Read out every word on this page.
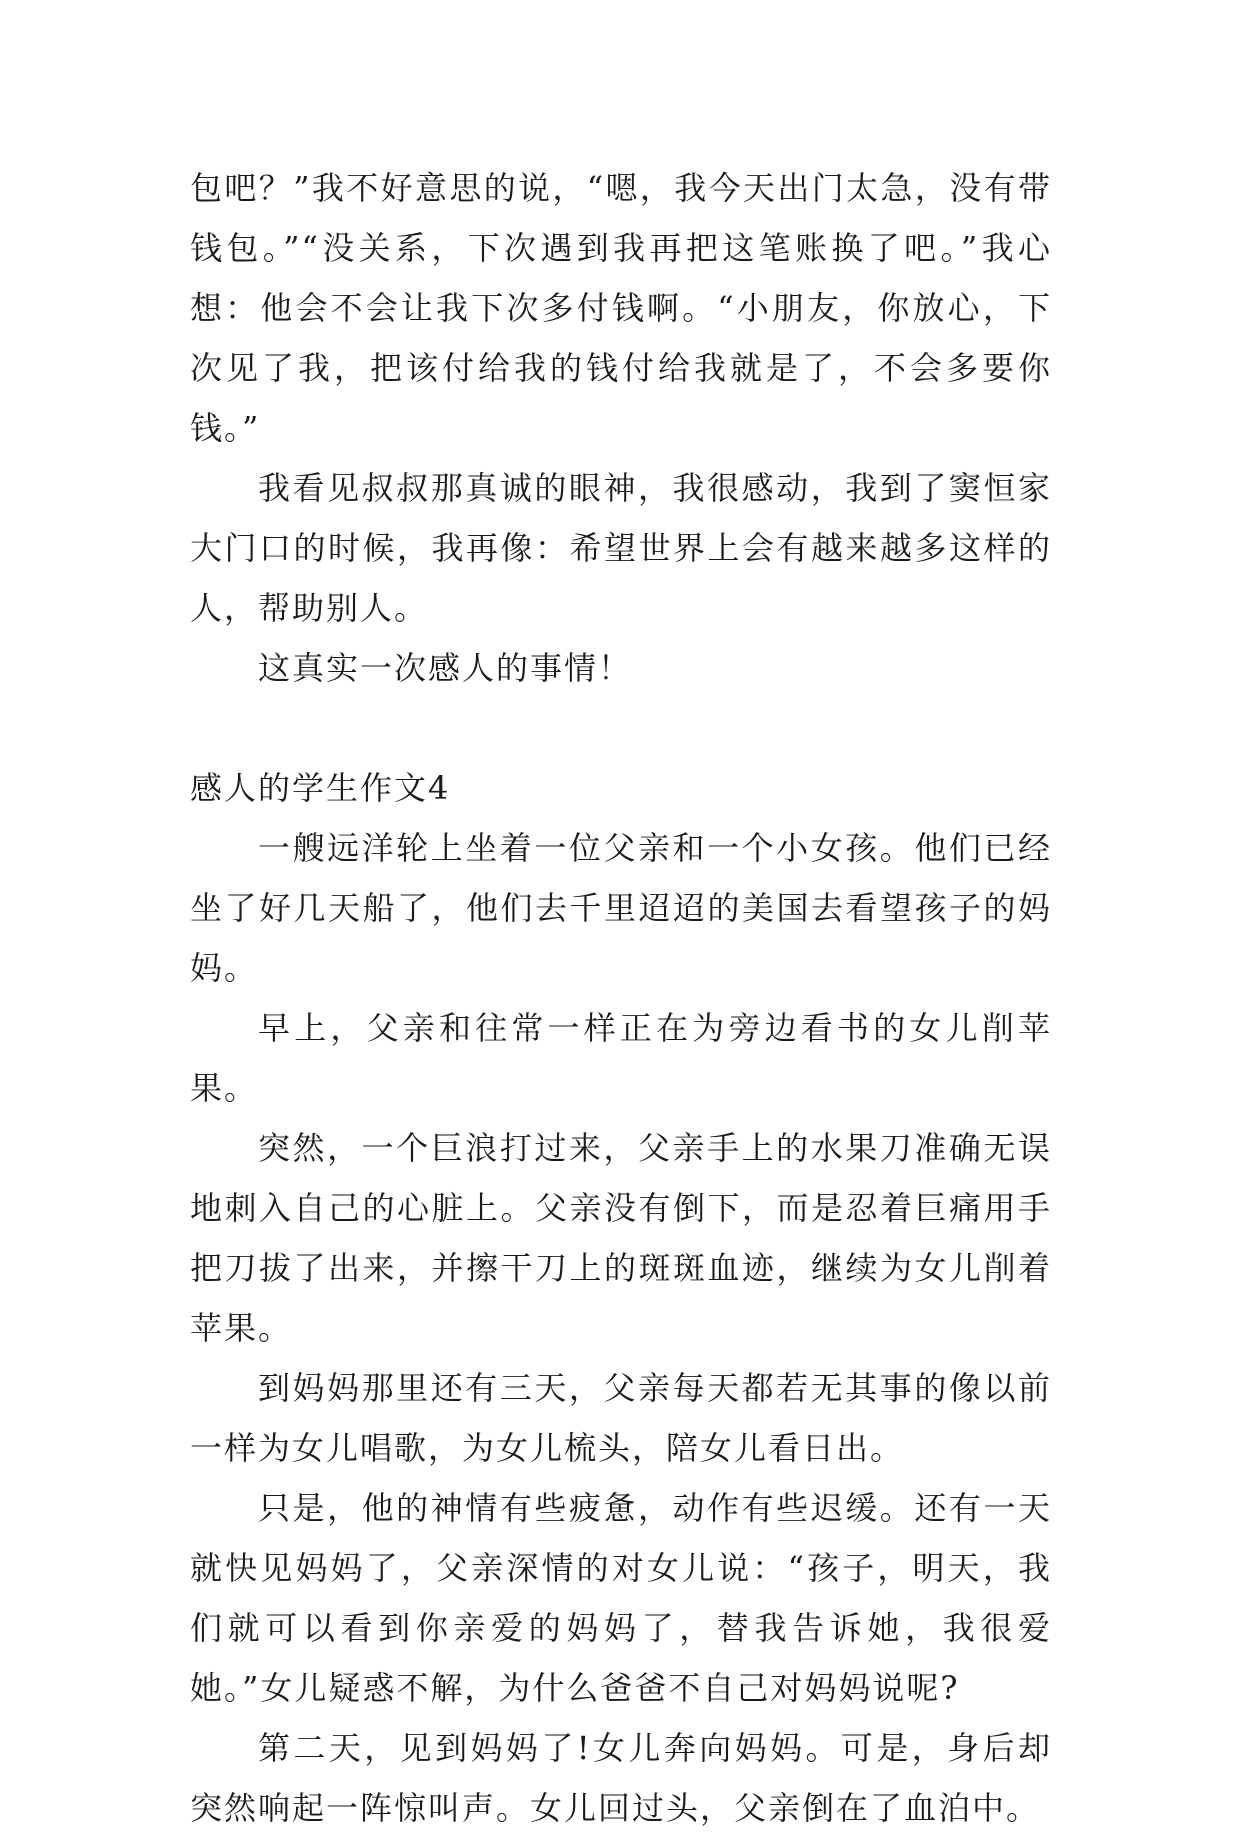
包吧？”我不好意思的说，“嗯，我今天出门太急，没有带钱包。”“没关系，下次遇到我再把这笔账换了吧。”我心想：他会不会让我下次多付钱啊。“小朋友，你放心，下次见了我，把该付给我的钱付给我就是了，不会多要你钱。”

我看见叔叔那真诚的眼神，我很感动，我到了窦恒家大门口的时候，我再像：希望世界上会有越来越多这样的人，帮助别人。

这真实一次感人的事情！

感人的学生作文4

一艘远洋轮上坐着一位父亲和一个小女孩。他们已经坐了好几天船了，他们去千里迢迢的美国去看望孩子的妈妈。

早上，父亲和往常一样正在为旁边看书的女儿削苹果。

突然，一个巨浪打过来，父亲手上的水果刀准确无误地刺入自己的心脏上。父亲没有倒下，而是忍着巨痛用手把刀拔了出来，并擦干刀上的斑斑血迹，继续为女儿削着苹果。

到妈妈那里还有三天，父亲每天都若无其事的像以前一样为女儿唱歌，为女儿梳头，陪女儿看日出。

只是，他的神情有些疲惫，动作有些迟缓。还有一天就快见妈妈了，父亲深情的对女儿说：“孩子，明天，我们就可以看到你亲爱的妈妈了，替我告诉她，我很爱她。”女儿疑惑不解，为什么爸爸不自己对妈妈说呢?

第二天，见到妈妈了!女儿奔向妈妈。可是，身后却突然响起一阵惊叫声。女儿回过头，父亲倒在了血泊中。
